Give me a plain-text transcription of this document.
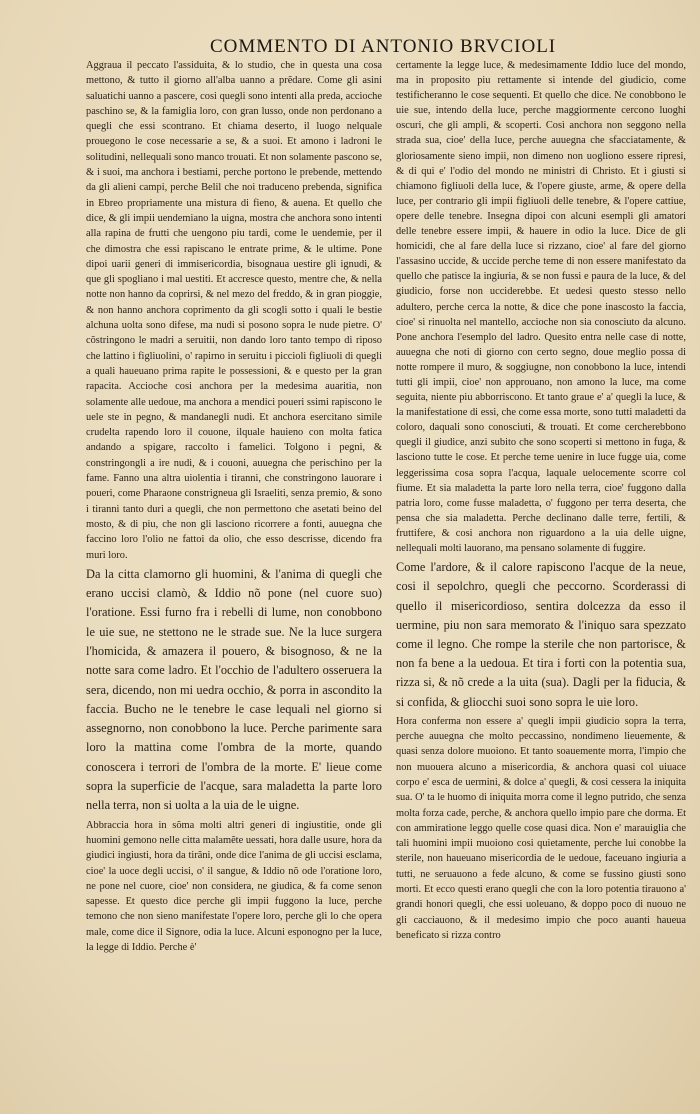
COMMENTO DI ANTONIO BRVCIOLI

Aggraua il peccato l'assiduita, & lo studio, che in questa una cosa mettono, & tutto il giorno all'alba uanno a prẽdare. Come gli asini saluatichi uanno a pascere, cosi quegli sono intenti alla preda, accioche paschino se, & la famiglia loro, con gran lusso, onde non perdonano a quegli che essi scontrano. Et chiama deserto, il luogo nelquale prouegono le cose necessarie a se, & a suoi. Et amono i ladroni le solitudini, nellequali sono manco trouati. Et non solamente pascono se, & i suoi, ma anchora i bestiami, perche portono le prebende, mettendo da gli alieni campi, perche Belil che noi traduceno prebenda, significa in Ebreo propriamente una mistura di fieno, & auena. Et quello che dice, & gli impii uendemiano la uigna, mostra che anchora sono intenti alla rapina de frutti che uengono piu tardi, come le uendemie, per il che dimostra che essi rapiscano le entrate prime, & le ultime. Pone dipoi uarii generi di immisericordia, bisognaua uestire gli ignudi, & que gli spogliano i mal uestiti. Et accresce questo, mentre che, & nella notte non hanno da coprirsi, & nel mezo del freddo, & in gran pioggie, & non hanno anchora coprimento da gli scogli sotto i quali le bestie alchuna uolta sono difese, ma nudi si posono sopra le nude pietre. O' cõstringono le madri a seruitii, non dando loro tanto tempo di riposo che lattino i figliuolini, o' rapirno in seruitu i piccioli figliuoli di quegli a quali haueuano prima rapite le possessioni, & e questo per la gran rapacita. Accioche cosi anchora per la medesima auaritia, non solamente alle uedoue, ma anchora a mendici poueri ssimi rapiscono le uele ste in pegno, & mandanegli nudi. Et anchora esercitano simile crudelta rapendo loro il couone, ilquale hauieno con molta fatica andando a spigare, raccolto i famelici. Tolgono i pegni, & constringongli a ire nudi, & i couoni, auuegna che perischino per la fame. Fanno una altra uiolentia i tiranni, che constringono lauorare i poueri, come Pharaone constrigneua gli Israeliti, senza premio, & sono i tiranni tanto duri a quegli, che non permettono che asetati beino del mosto, & di piu, che non gli lasciono ricorrere a fonti, auuegna che faccino loro l'olio ne fattoi da olio, che esso descrisse, dicendo fra muri loro.

Da la citta clamorno gli huomini, & l'anima di quegli che erano uccisi clamò, & Iddio nõ pone (nel cuore suo) l'oratione. Essi furno fra i rebelli di lume, non conobbono le uie sue, ne stettono ne le strade sue. Ne la luce surgera l'homicida, & amazera il pouero, & bisognoso, & ne la notte sara come ladro. Et l'occhio de l'adultero osseruera la sera, dicendo, non mi uedra occhio, & porra in ascondito la faccia. Bucho ne le tenebre le case lequali nel giorno si assegnorno, non conobbono la luce. Perche parimente sara loro la mattina come l'ombra de la morte, quando conoscera i terrori de l'ombra de la morte. E' lieue come sopra la superficie de l'acque, sara maladetta la parte loro nella terra, non si uolta a la uia de le uigne.

Abbraccia hora in sõma molti altri generi di ingiustitie, onde gli huomini gemono nelle citta malamẽte uessati, hora dalle usure, hora da giudici ingiusti, hora da tirãni, onde dice l'anima de gli uccisi esclama, cioe' la uoce degli uccisi, o' il sangue, & Iddio nõ ode l'oratione loro, ne pone nel cuore, cioe' non considera, ne giudica, & fa come senon sapesse. Et questo dice perche gli impii fuggono la luce, perche temono che non sieno manifestate l'opere loro, perche gli lo che opera male, come dice il Signore, odia la luce. Alcuni esponogno per la luce, la legge di Iddio. Perche è'

certamente la legge luce, & medesimamente Iddio luce del mondo, ma in proposito piu rettamente si intende del giudicio, come testificheranno le cose sequenti. Et quello che dice. Ne conobbono le uie sue, intendo della luce, perche maggiormente cercono luoghi oscuri, che gli ampli, & scoperti. Così anchora non seggono nella strada sua, cioe' della luce, perche auuegna che sfacciatamente, & gloriosamente sieno impii, non dimeno non uogliono essere ripresi, & di qui e' l'odio del mondo ne ministri di Christo. Et i giusti si chiamono figliuoli della luce, & l'opere giuste, arme, & opere della luce, per contrario gli impii figliuoli delle tenebre, & l'opere cattiue, opere delle tenebre. Insegna dipoi con alcuni esempli gli amatori delle tenebre essere impii, & hauere in odio la luce. Dice de gli homicidi, che al fare della luce si rizzano, cioe' al fare del giorno l'assasino uccide, & uccide perche teme di non essere manifestato da quello che patisce la ingiuria, & se non fussi e paura de la luce, & del giudicio, forse non ucciderebbe. Et uedesi questo stesso nello adultero, perche cerca la notte, & dice che pone inascosto la faccia, cioe' si rinuolta nel mantello, accioche non sia conosciuto da alcuno. Pone anchora l'esemplo del ladro. Quesito entra nelle case di notte, auuegna che noti di giorno con certo segno, doue meglio possa di notte rompere il muro, & soggiugne, non conobbono la luce, intendi tutti gli impii, cioe' non approuano, non amono la luce, ma come seguita, niente piu abborriscono. Et tanto graue e' a' quegli la luce, & la manifestatione di essi, che come essa morte, sono tutti maladetti da coloro, daquali sono conosciuti, & trouati. Et come cercherebbono quegli il giudice, anzi subito che sono scoperti si mettono in fuga, & lasciono tutte le cose. Et perche teme uenire in luce fugge uia, come leggerissima cosa sopra l'acqua, laquale uelocemente scorre col fiume. Et sia maladetta la parte loro nella terra, cioe' fuggono dalla patria loro, come fusse maladetta, o' fuggono per terra deserta, che pensa che sia maladetta. Perche declinano dalle terre, fertili, & fruttifere, & cosi anchora non riguardono a la uia delle uigne, nellequali molti lauorano, ma pensano solamente di fuggire.

Come l'ardore, & il calore rapiscono l'acque de la neue, cosi il sepolchro, quegli che peccorno. Scorderassi di quello il misericordioso, sentira dolcezza da esso il uermine, piu non sara memorato & l'iniquo sara spezzato come il legno. Che rompe la sterile che non partorisce, & non fa bene a la uedoua. Et tira i forti con la potentia sua, rizza si, & nõ crede a la uita (sua). Dagli per la fiducia, & si confida, & gliocchi suoi sono sopra le uie loro.

Hora conferma non essere a' quegli impii giudicio sopra la terra, perche auuegna che molto peccassino, nondimeno lieuemente, & quasi senza dolore muoiono. Et tanto soauemente morra, l'impio che non muouera alcuno a misericordia, & anchora quasi col uiuace corpo e' esca de uermini, & dolce a' quegli, & cosi cessera la iniquita sua. O' ta le huomo di iniquita morra come il legno putrido, che senza molta forza cade, perche, & anchora quello impio pare che dorma. Et con ammiratione leggo quelle cose quasi dica. Non e' marauiglia che tali huomini impii muoiono cosi quietamente, perche lui conobbe la sterile, non haueuano misericordia de le uedoue, faceuano ingiuria a tutti, ne seruauono a fede alcuno, & come se fussino giusti sono morti. Et ecco questi erano quegli che con la loro potentia tirauono a' grandi honori quegli, che essi uoleuano, & doppo poco di nuouo ne gli cacciauono, & il medesimo impio che poco auanti haueua beneficato si rizza contro
